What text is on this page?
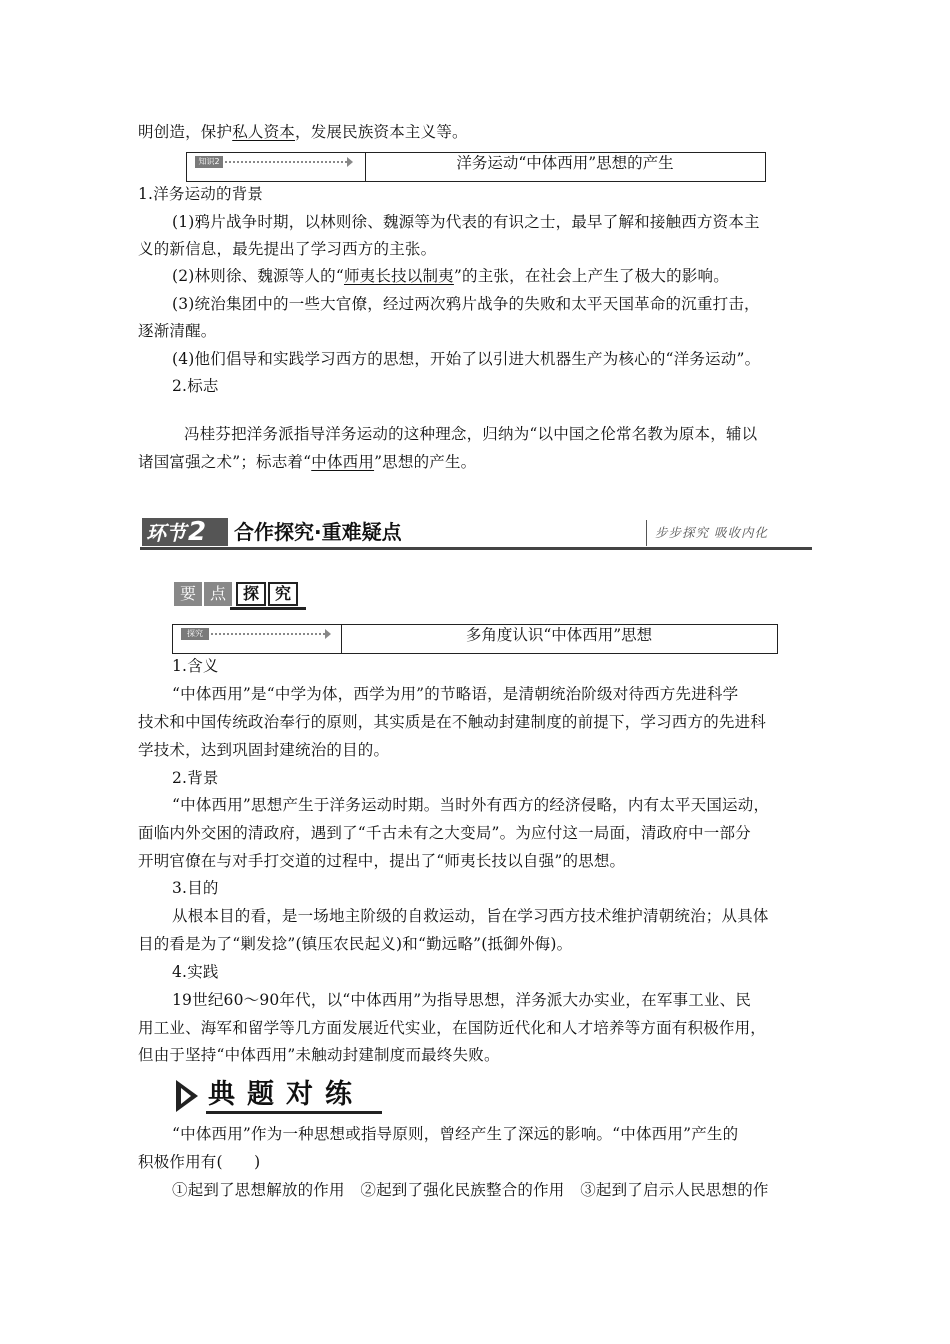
明创造，保护私人资本，发展民族资本主义等。
知识2	洋务运动“中体西用”思想的产生
1.洋务运动的背景
(1)鸦片战争时期，以林则徐、魏源等为代表的有识之士，最早了解和接触西方资本主
义的新信息，最先提出了学习西方的主张。
(2)林则徐、魏源等人的“师夷长技以制夷”的主张，在社会上产生了极大的影响。
(3)统治集团中的一些大官僚，经过两次鸦片战争的失败和太平天国革命的沉重打击，
逐渐清醒。
(4)他们倡导和实践学习西方的思想，开始了以引进大机器生产为核心的“洋务运动”。
2.标志
冯桂芬把洋务派指导洋务运动的这种理念，归纳为“以中国之伦常名教为原本，辅以
诸国富强之术”；标志着“中体西用”思想的产生。
环节2	合作探究·重难疑点	步步探究 吸收内化
要 点	探 究
探究	多角度认识“中体西用”思想
1.含义
“中体西用”是“中学为体，西学为用”的节略语，是清朝统治阶级对待西方先进科学
技术和中国传统政治奉行的原则，其实质是在不触动封建制度的前提下，学习西方的先进科
学技术，达到巩固封建统治的目的。
2.背景
“中体西用”思想产生于洋务运动时期。当时外有西方的经济侵略，内有太平天国运动，
面临内外交困的清政府，遇到了“千古未有之大变局”。为应付这一局面，清政府中一部分
开明官僚在与对手打交道的过程中，提出了“师夷长技以自强”的思想。
3.目的
从根本目的看，是一场地主阶级的自救运动，旨在学习西方技术维护清朝统治；从具体
目的看是为了“剿发捻”(镇压农民起义)和“勤远略”(抵御外侮)。
4.实践
19世纪60～90年代，以“中体西用”为指导思想，洋务派大办实业，在军事工业、民
用工业、海军和留学等几方面发展近代实业，在国防近代化和人才培养等方面有积极作用，
但由于坚持“中体西用”未触动封建制度而最终失败。
典题对练
“中体西用”作为一种思想或指导原则，曾经产生了深远的影响。“中体西用”产生的
积极作用有(　　)
①起到了思想解放的作用　②起到了强化民族整合的作用　③起到了启示人民思想的作
